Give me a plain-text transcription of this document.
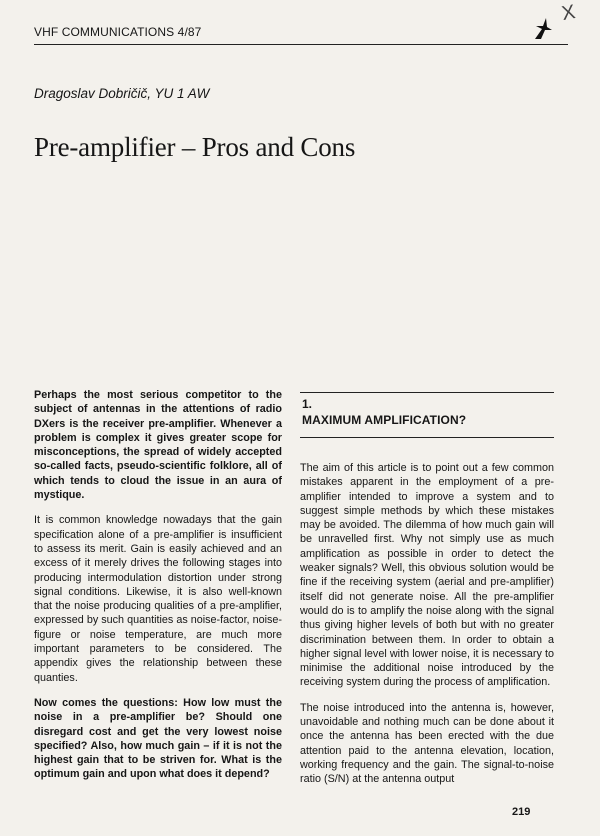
VHF COMMUNICATIONS 4/87
X
Dragoslav Dobričič, YU 1 AW
Pre-amplifier – Pros and Cons

Perhaps the most serious competitor to the subject of antennas in the attentions of radio DXers is the receiver pre-amplifier. Whenever a problem is complex it gives greater scope for misconceptions, the spread of widely accepted so-called facts, pseudo-scientific folklore, all of which tends to cloud the issue in an aura of mystique.

It is common knowledge nowadays that the gain specification alone of a pre-amplifier is insufficient to assess its merit. Gain is easily achieved and an excess of it merely drives the following stages into producing intermodulation distortion under strong signal conditions. Likewise, it is also well-known that the noise producing qualities of a pre-amplifier, expressed by such quantities as noise-factor, noise-figure or noise temperature, are much more important parameters to be considered. The appendix gives the relationship between these quanties.

Now comes the questions: How low must the noise in a pre-amplifier be? Should one disregard cost and get the very lowest noise specified? Also, how much gain – if it is not the highest gain that to be striven for. What is the optimum gain and upon what does it depend?

1.
MAXIMUM AMPLIFICATION?

The aim of this article is to point out a few common mistakes apparent in the employment of a pre-amplifier intended to improve a system and to suggest simple methods by which these mistakes may be avoided. The dilemma of how much gain will be unravelled first. Why not simply use as much amplification as possible in order to detect the weaker signals? Well, this obvious solution would be fine if the receiving system (aerial and pre-amplifier) itself did not generate noise. All the pre-amplifier would do is to amplify the noise along with the signal thus giving higher levels of both but with no greater discrimination between them. In order to obtain a higher signal level with lower noise, it is necessary to minimise the additional noise introduced by the receiving system during the process of amplification.

The noise introduced into the antenna is, however, unavoidable and nothing much can be done about it once the antenna has been erected with the due attention paid to the antenna elevation, location, working frequency and the gain. The signal-to-noise ratio (S/N) at the antenna output

219
